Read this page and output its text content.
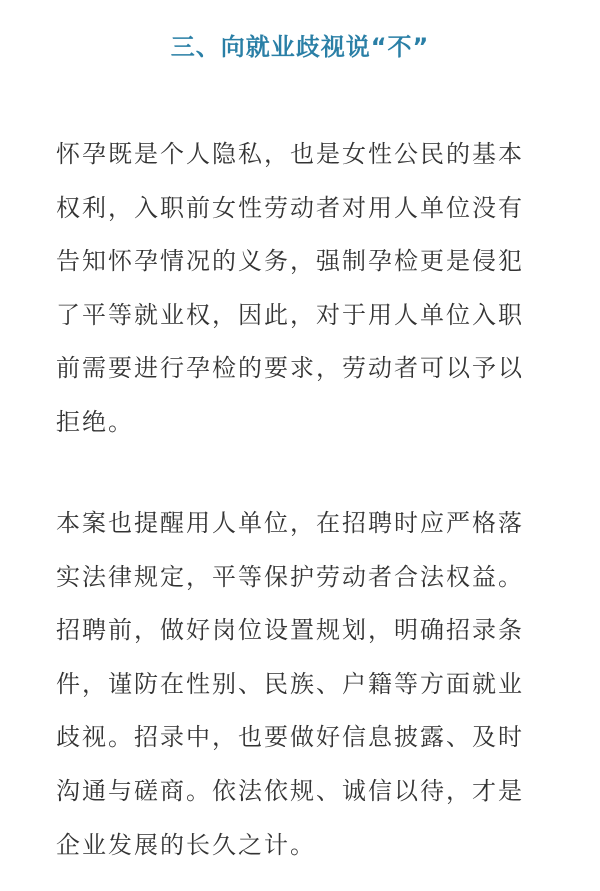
三、向就业歧视说“不”
怀孕既是个人隐私，也是女性公民的基本
权利，入职前女性劳动者对用人单位没有
告知怀孕情况的义务，强制孕检更是侵犯
了平等就业权，因此，对于用人单位入职
前需要进行孕检的要求，劳动者可以予以
拒绝。
本案也提醒用人单位，在招聘时应严格落
实法律规定，平等保护劳动者合法权益。
招聘前，做好岗位设置规划，明确招录条
件，谨防在性别、民族、户籍等方面就业
歧视。招录中，也要做好信息披露、及时
沟通与磋商。依法依规、诚信以待，才是
企业发展的长久之计。
